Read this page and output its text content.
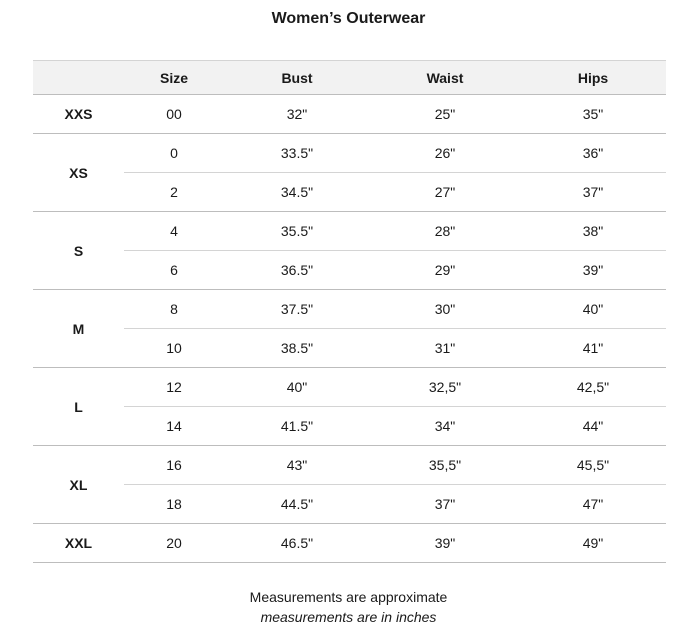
Women’s Outerwear
	Size	Bust	Waist	Hips
XXS	00	32"	25"	35"
XS	0	33.5"	26"	36"
	2	34.5"	27"	37"
S	4	35.5"	28"	38"
	6	36.5"	29"	39"
M	8	37.5"	30"	40"
	10	38.5"	31"	41"
L	12	40"	32,5"	42,5"
	14	41.5"	34"	44"
XL	16	43"	35,5"	45,5"
	18	44.5"	37"	47"
XXL	20	46.5"	39"	49"
Measurements are approximate
measurements are in inches
